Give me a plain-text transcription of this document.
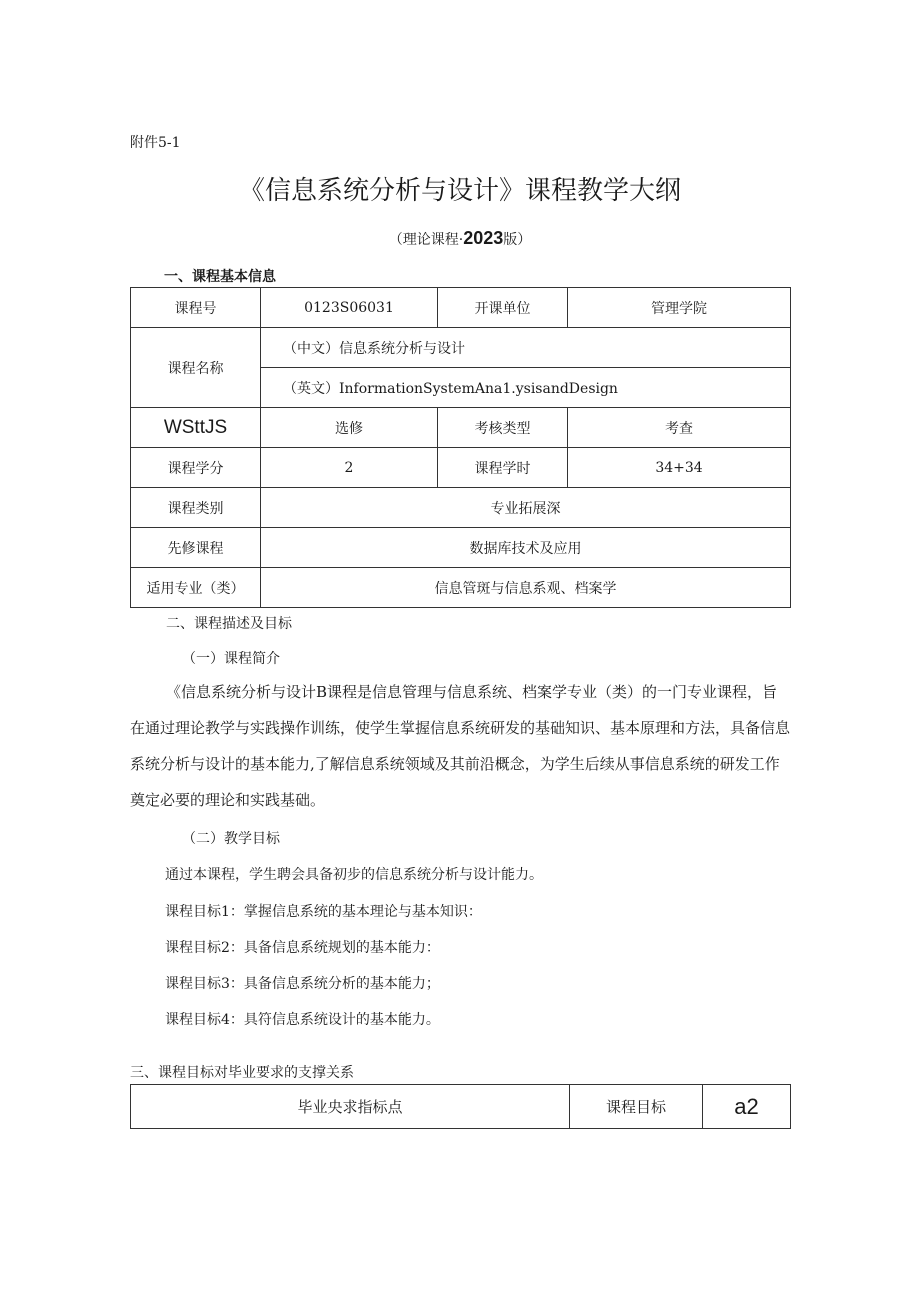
附件5-1
《信息系统分析与设计》课程教学大纲
（理论课程·2023版）
一、课程基本信息
课程号	0123S06031	开课单位	管理学院
课程名称	（中文）信息系统分析与设计		
	（英文）InformationSystemAna1.ysisandDesign		
WSttJS	选修	考核类型	考查
课程学分	2	课程学时	34+34
课程类别	专业拓展深		
先修课程	数据库技术及应用		
适用专业（类）	信息管斑与信息系观、档案学		
二、课程描述及目标
（一）课程简介
《信息系统分析与设计B课程是信息管理与信息系统、档案学专业（类）的一门专业课程，旨在通过理论教学与实践操作训练，使学生掌握信息系统研发的基础知识、基本原理和方法，具备信息系统分析与设计的基本能力,了解信息系统领域及其前沿概念，为学生后续从事信息系统的研发工作奠定必要的理论和实践基础。
（二）教学目标
通过本课程，学生聘会具备初步的信息系统分析与设计能力。
课程目标1：掌握信息系统的基本理论与基本知识：
课程目标2：具备信息系统规划的基本能力：
课程目标3：具备信息系统分析的基本能力；
课程目标4：具符信息系统设计的基本能力。
三、课程目标对毕业要求的支撑关系
毕业央求指标点	课程目标	a2
